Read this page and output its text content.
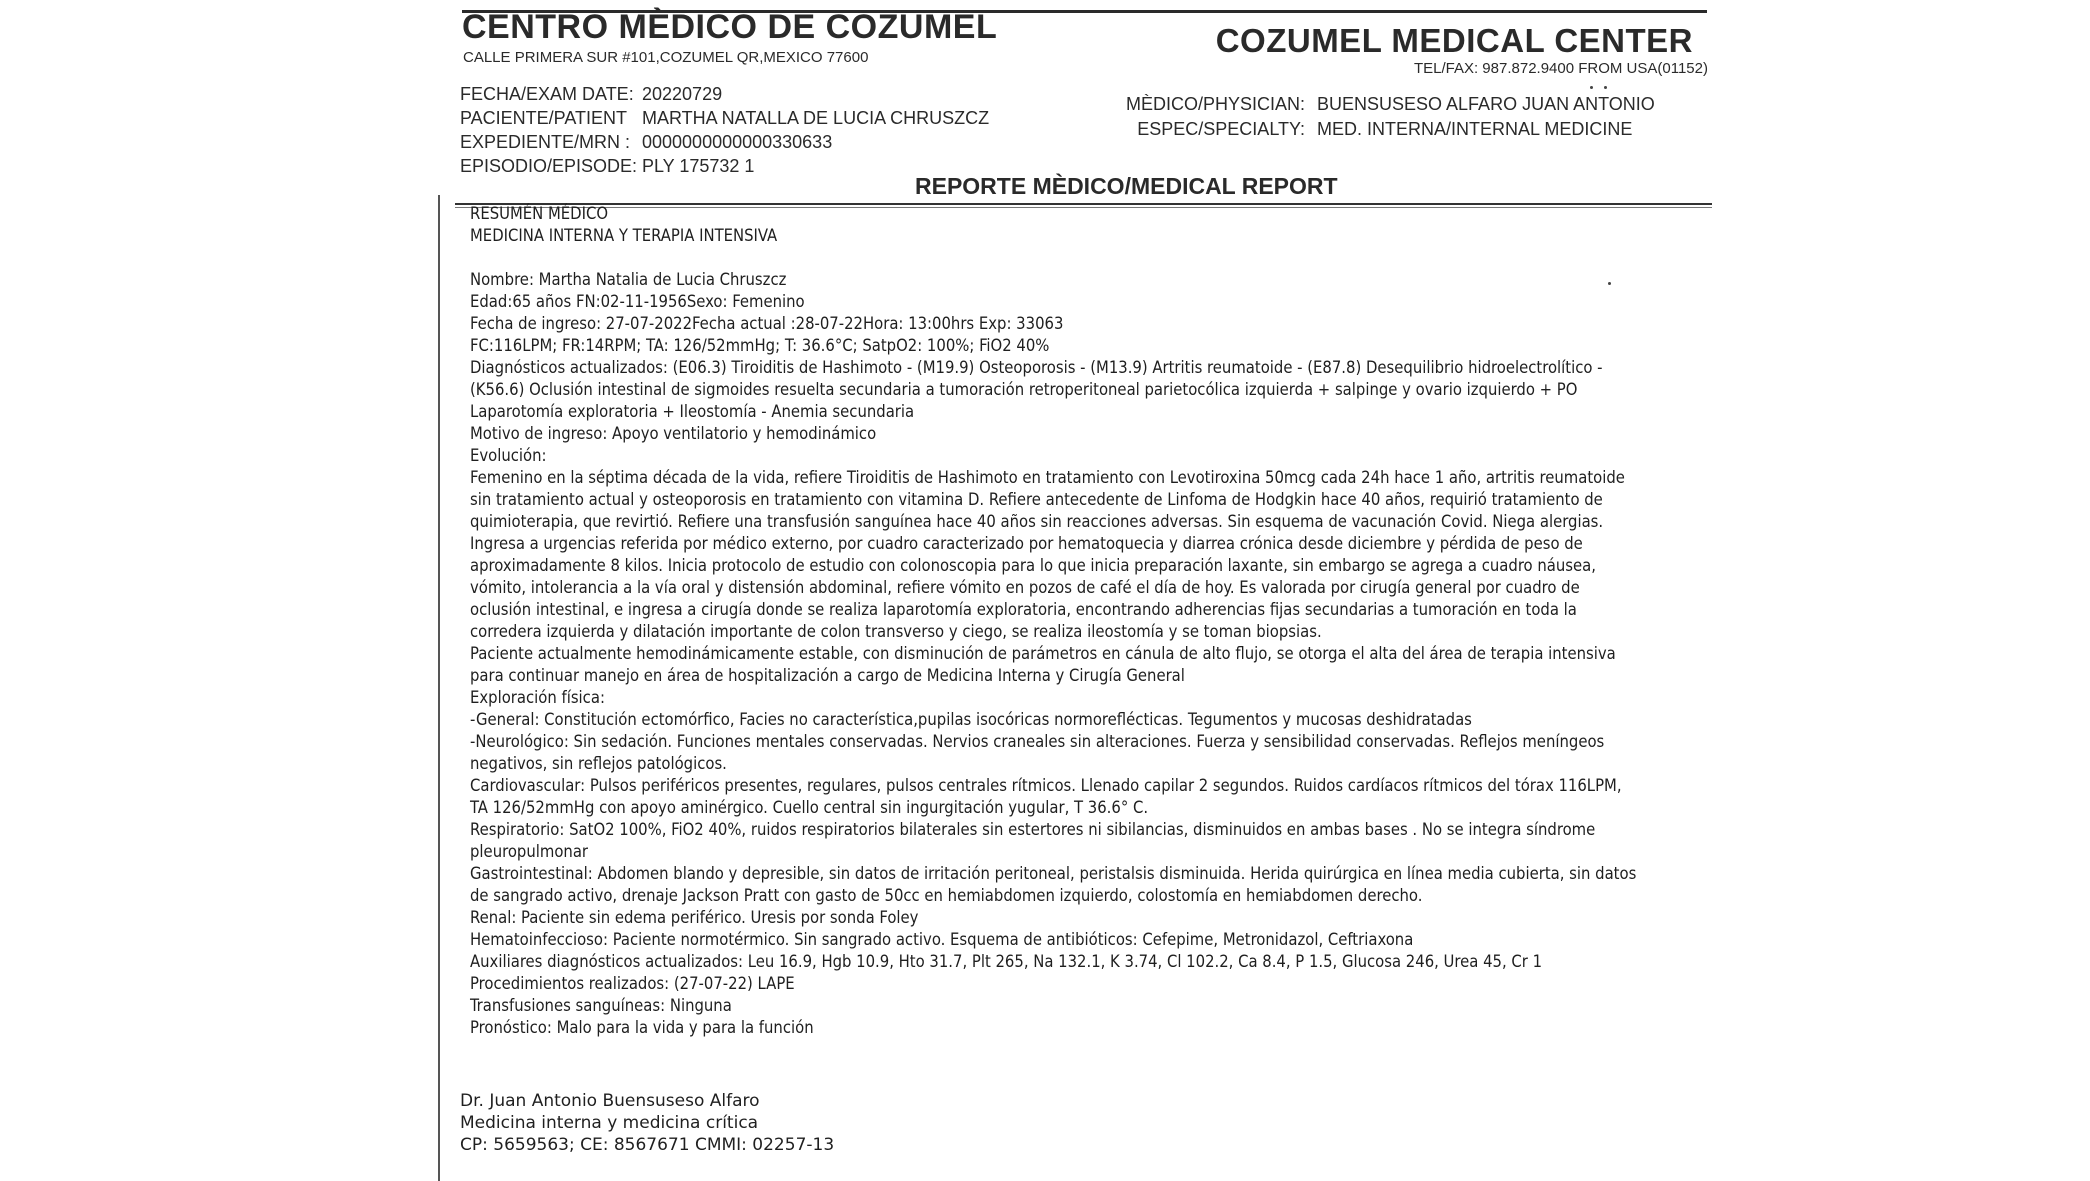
CENTRO MÈDICO DE COZUMEL
CALLE PRIMERA SUR #101,COZUMEL QR,MEXICO 77600	COZUMEL MEDICAL CENTER
TEL/FAX: 987.872.9400 FROM USA(01152)
FECHA/EXAM DATE: 20220729
PACIENTE/PATIENT MARTHA NATALLA DE LUCIA CHRUSZCZ
EXPEDIENTE/MRN : 0000000000000330633
EPISODIO/EPISODE: PLY 175732 1
MÈDICO/PHYSICIAN: BUENSUSESO ALFARO JUAN ANTONIO
ESPEC/SPECIALTY: MED. INTERNA/INTERNAL MEDICINE
REPORTE MÈDICO/MEDICAL REPORT
RESUMÉN MÉDICO
MEDICINA INTERNA Y TERAPIA INTENSIVA
Nombre: Martha Natalia de Lucia Chruszcz
Edad:65 años FN:02-11-1956Sexo: Femenino
Fecha de ingreso: 27-07-2022Fecha actual :28-07-22Hora: 13:00hrs Exp: 33063
FC:116LPM; FR:14RPM; TA: 126/52mmHg; T: 36.6°C; SatpO2: 100%; FiO2 40%
Diagnósticos actualizados: (E06.3) Tiroiditis de Hashimoto - (M19.9) Osteoporosis - (M13.9) Artritis reumatoide - (E87.8) Desequilibrio hidroelectrolítico -
(K56.6) Oclusión intestinal de sigmoides resuelta secundaria a tumoración retroperitoneal parietocólica izquierda + salpinge y ovario izquierdo + PO
Laparotomía exploratoria + Ileostomía - Anemia secundaria
Motivo de ingreso: Apoyo ventilatorio y hemodinámico
Evolución:
Femenino en la séptima década de la vida, refiere Tiroiditis de Hashimoto en tratamiento con Levotiroxina 50mcg cada 24h hace 1 año, artritis reumatoide
sin tratamiento actual y osteoporosis en tratamiento con vitamina D. Refiere antecedente de Linfoma de Hodgkin hace 40 años, requirió tratamiento de
quimioterapia, que revirtió. Refiere una transfusión sanguínea hace 40 años sin reacciones adversas. Sin esquema de vacunación Covid. Niega alergias.
Ingresa a urgencias referida por médico externo, por cuadro caracterizado por hematoquecia y diarrea crónica desde diciembre y pérdida de peso de
aproximadamente 8 kilos. Inicia protocolo de estudio con colonoscopia para lo que inicia preparación laxante, sin embargo se agrega a cuadro náusea,
vómito, intolerancia a la vía oral y distensión abdominal, refiere vómito en pozos de café el día de hoy. Es valorada por cirugía general por cuadro de
oclusión intestinal, e ingresa a cirugía donde se realiza laparotomía exploratoria, encontrando adherencias fijas secundarias a tumoración en toda la
corredera izquierda y dilatación importante de colon transverso y ciego, se realiza ileostomía y se toman biopsias.
Paciente actualmente hemodinámicamente estable, con disminución de parámetros en cánula de alto flujo, se otorga el alta del área de terapia intensiva
para continuar manejo en área de hospitalización a cargo de Medicina Interna y Cirugía General
Exploración física:
-General: Constitución ectomórfico, Facies no característica,pupilas isocóricas normorefléctic​as. Tegumentos y mucosas deshidratadas
-Neurológico: Sin sedación. Funciones mentales conservadas. Nervios craneales sin alteraciones. Fuerza y sensibilidad conservadas. Reflejos meníngeos
negativos, sin reflejos patológicos.
Cardiovascular: Pulsos periféricos presentes, regulares, pulsos centrales rítmicos. Llenado capilar 2 segundos. Ruidos cardíacos rítmicos del tórax 116LPM,
TA 126/52mmHg con apoyo aminérgico. Cuello central sin ingurgitación yugular, T 36.6° C.
Respiratorio: SatO2 100%, FiO2 40%, ruidos respiratorios bilaterales sin estertores ni sibilancias, disminuidos en ambas bases . No se integra síndrome
pleuropulmonar
Gastrointestinal: Abdomen blando y depresible, sin datos de irritación peritoneal, peristalsis disminuida. Herida quirúrgica en línea media cubierta, sin datos
de sangrado activo, drenaje Jackson Pratt con gasto de 50cc en hemiabdomen izquierdo, colostomía en hemiabdomen derecho.
Renal: Paciente sin edema periférico. Uresis por sonda Foley
Hematoinfeccioso: Paciente normotérmico. Sin sangrado activo. Esquema de antibióticos: Cefepime, Metronidazol, Ceftriaxona
Auxiliares diagnósticos actualizados: Leu 16.9, Hgb 10.9, Hto 31.7, Plt 265, Na 132.1, K 3.74, Cl 102.2, Ca 8.4, P 1.5, Glucosa 246, Urea 45, Cr 1
Procedimientos realizados: (27-07-22) LAPE
Transfusiones sanguíneas: Ninguna
Pronóstico: Malo para la vida y para la función
Dr. Juan Antonio Buensuseso Alfaro
Medicina interna y medicina crítica
CP: 5659563; CE: 8567671 CMMI: 02257-13
